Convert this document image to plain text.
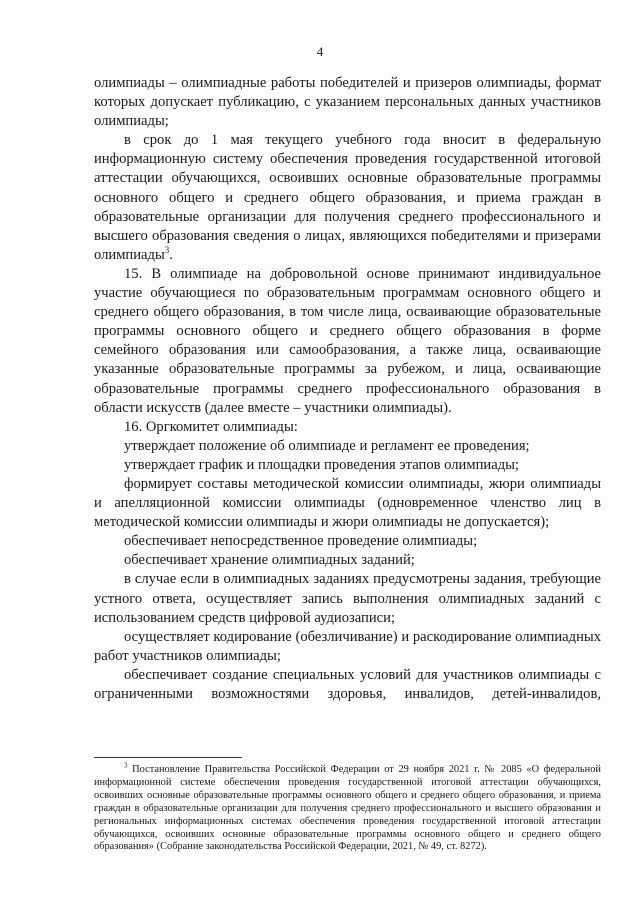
4

олимпиады – олимпиадные работы победителей и призеров олимпиады, формат которых допускает публикацию, с указанием персональных данных участников олимпиады;

в срок до 1 мая текущего учебного года вносит в федеральную информационную систему обеспечения проведения государственной итоговой аттестации обучающихся, освоивших основные образовательные программы основного общего и среднего общего образования, и приема граждан в образовательные организации для получения среднего профессионального и высшего образования сведения о лицах, являющихся победителями и призерами олимпиады$^3$.

15. В олимпиаде на добровольной основе принимают индивидуальное участие обучающиеся по образовательным программам основного общего и среднего общего образования, в том числе лица, осваивающие образовательные программы основного общего и среднего общего образования в форме семейного образования или самообразования, а также лица, осваивающие указанные образовательные программы за рубежом, и лица, осваивающие образовательные программы среднего профессионального образования в области искусств (далее вместе – участники олимпиады).

16. Оргкомитет олимпиады:

утверждает положение об олимпиаде и регламент ее проведения;

утверждает график и площадки проведения этапов олимпиады;

формирует составы методической комиссии олимпиады, жюри олимпиады и апелляционной комиссии олимпиады (одновременное членство лиц в методической комиссии олимпиады и жюри олимпиады не допускается);

обеспечивает непосредственное проведение олимпиады;

обеспечивает хранение олимпиадных заданий;

в случае если в олимпиадных заданиях предусмотрены задания, требующие устного ответа, осуществляет запись выполнения олимпиадных заданий с использованием средств цифровой аудиозаписи;

осуществляет кодирование (обезличивание) и раскодирование олимпиадных работ участников олимпиады;

обеспечивает создание специальных условий для участников олимпиады с ограниченными возможностями здоровья, инвалидов, детей-инвалидов,

$^3$ Постановление Правительства Российской Федерации от 29 ноября 2021 г. № 2085 «О федеральной информационной системе обеспечения проведения государственной итоговой аттестации обучающихся, освоивших основные образовательные программы основного общего и среднего общего образования, и приема граждан в образовательные организации для получения среднего профессионального и высшего образования и региональных информационных системах обеспечения проведения государственной итоговой аттестации обучающихся, освоивших основные образовательные программы основного общего и среднего общего образования» (Собрание законодательства Российской Федерации, 2021, № 49, ст. 8272).
